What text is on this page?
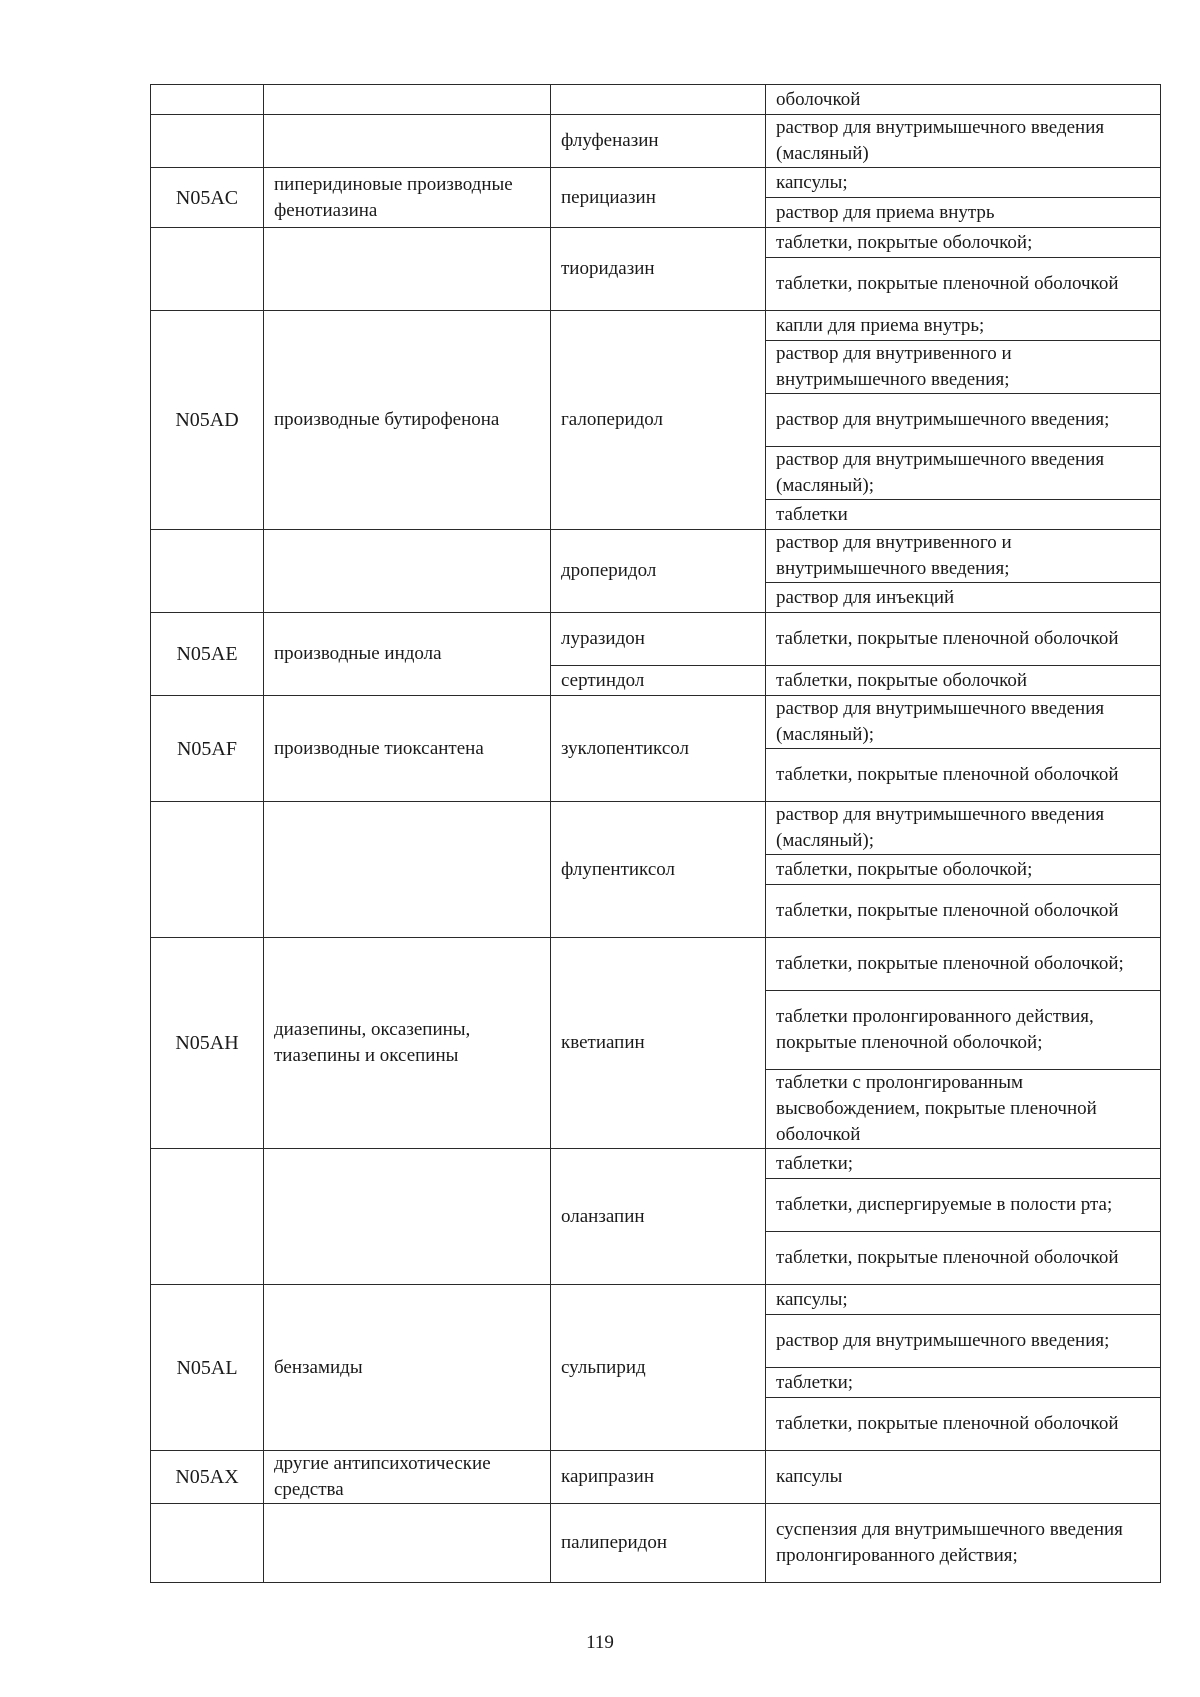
			оболочкой
		флуфеназин	раствор для внутримышечного введения (масляный)
N05AC	пиперидиновые производные фенотиазина	перициазин	капсулы;
			раствор для приема внутрь
		тиоридазин	таблетки, покрытые оболочкой;
			таблетки, покрытые пленочной оболочкой
N05AD	производные бутирофенона	галоперидол	капли для приема внутрь;
			раствор для внутривенного и внутримышечного введения;
			раствор для внутримышечного введения;
			раствор для внутримышечного введения (масляный);
			таблетки
		дроперидол	раствор для внутривенного и внутримышечного введения;
			раствор для инъекций
N05AE	производные индола	луразидон	таблетки, покрытые пленочной оболочкой
		сертиндол	таблетки, покрытые оболочкой
N05AF	производные тиоксантена	зуклопентиксол	раствор для внутримышечного введения (масляный);
			таблетки, покрытые пленочной оболочкой
		флупентиксол	раствор для внутримышечного введения (масляный);
			таблетки, покрытые оболочкой;
			таблетки, покрытые пленочной оболочкой
N05AH	диазепины, оксазепины, тиазепины и оксепины	кветиапин	таблетки, покрытые пленочной оболочкой;
			таблетки пролонгированного действия, покрытые пленочной оболочкой;
			таблетки с пролонгированным высвобождением, покрытые пленочной оболочкой
		оланзапин	таблетки;
			таблетки, диспергируемые в полости рта;
			таблетки, покрытые пленочной оболочкой
N05AL	бензамиды	сульпирид	капсулы;
			раствор для внутримышечного введения;
			таблетки;
			таблетки, покрытые пленочной оболочкой
N05AX	другие антипсихотические средства	карипразин	капсулы
		палиперидон	суспензия для внутримышечного введения пролонгированного действия;
119
